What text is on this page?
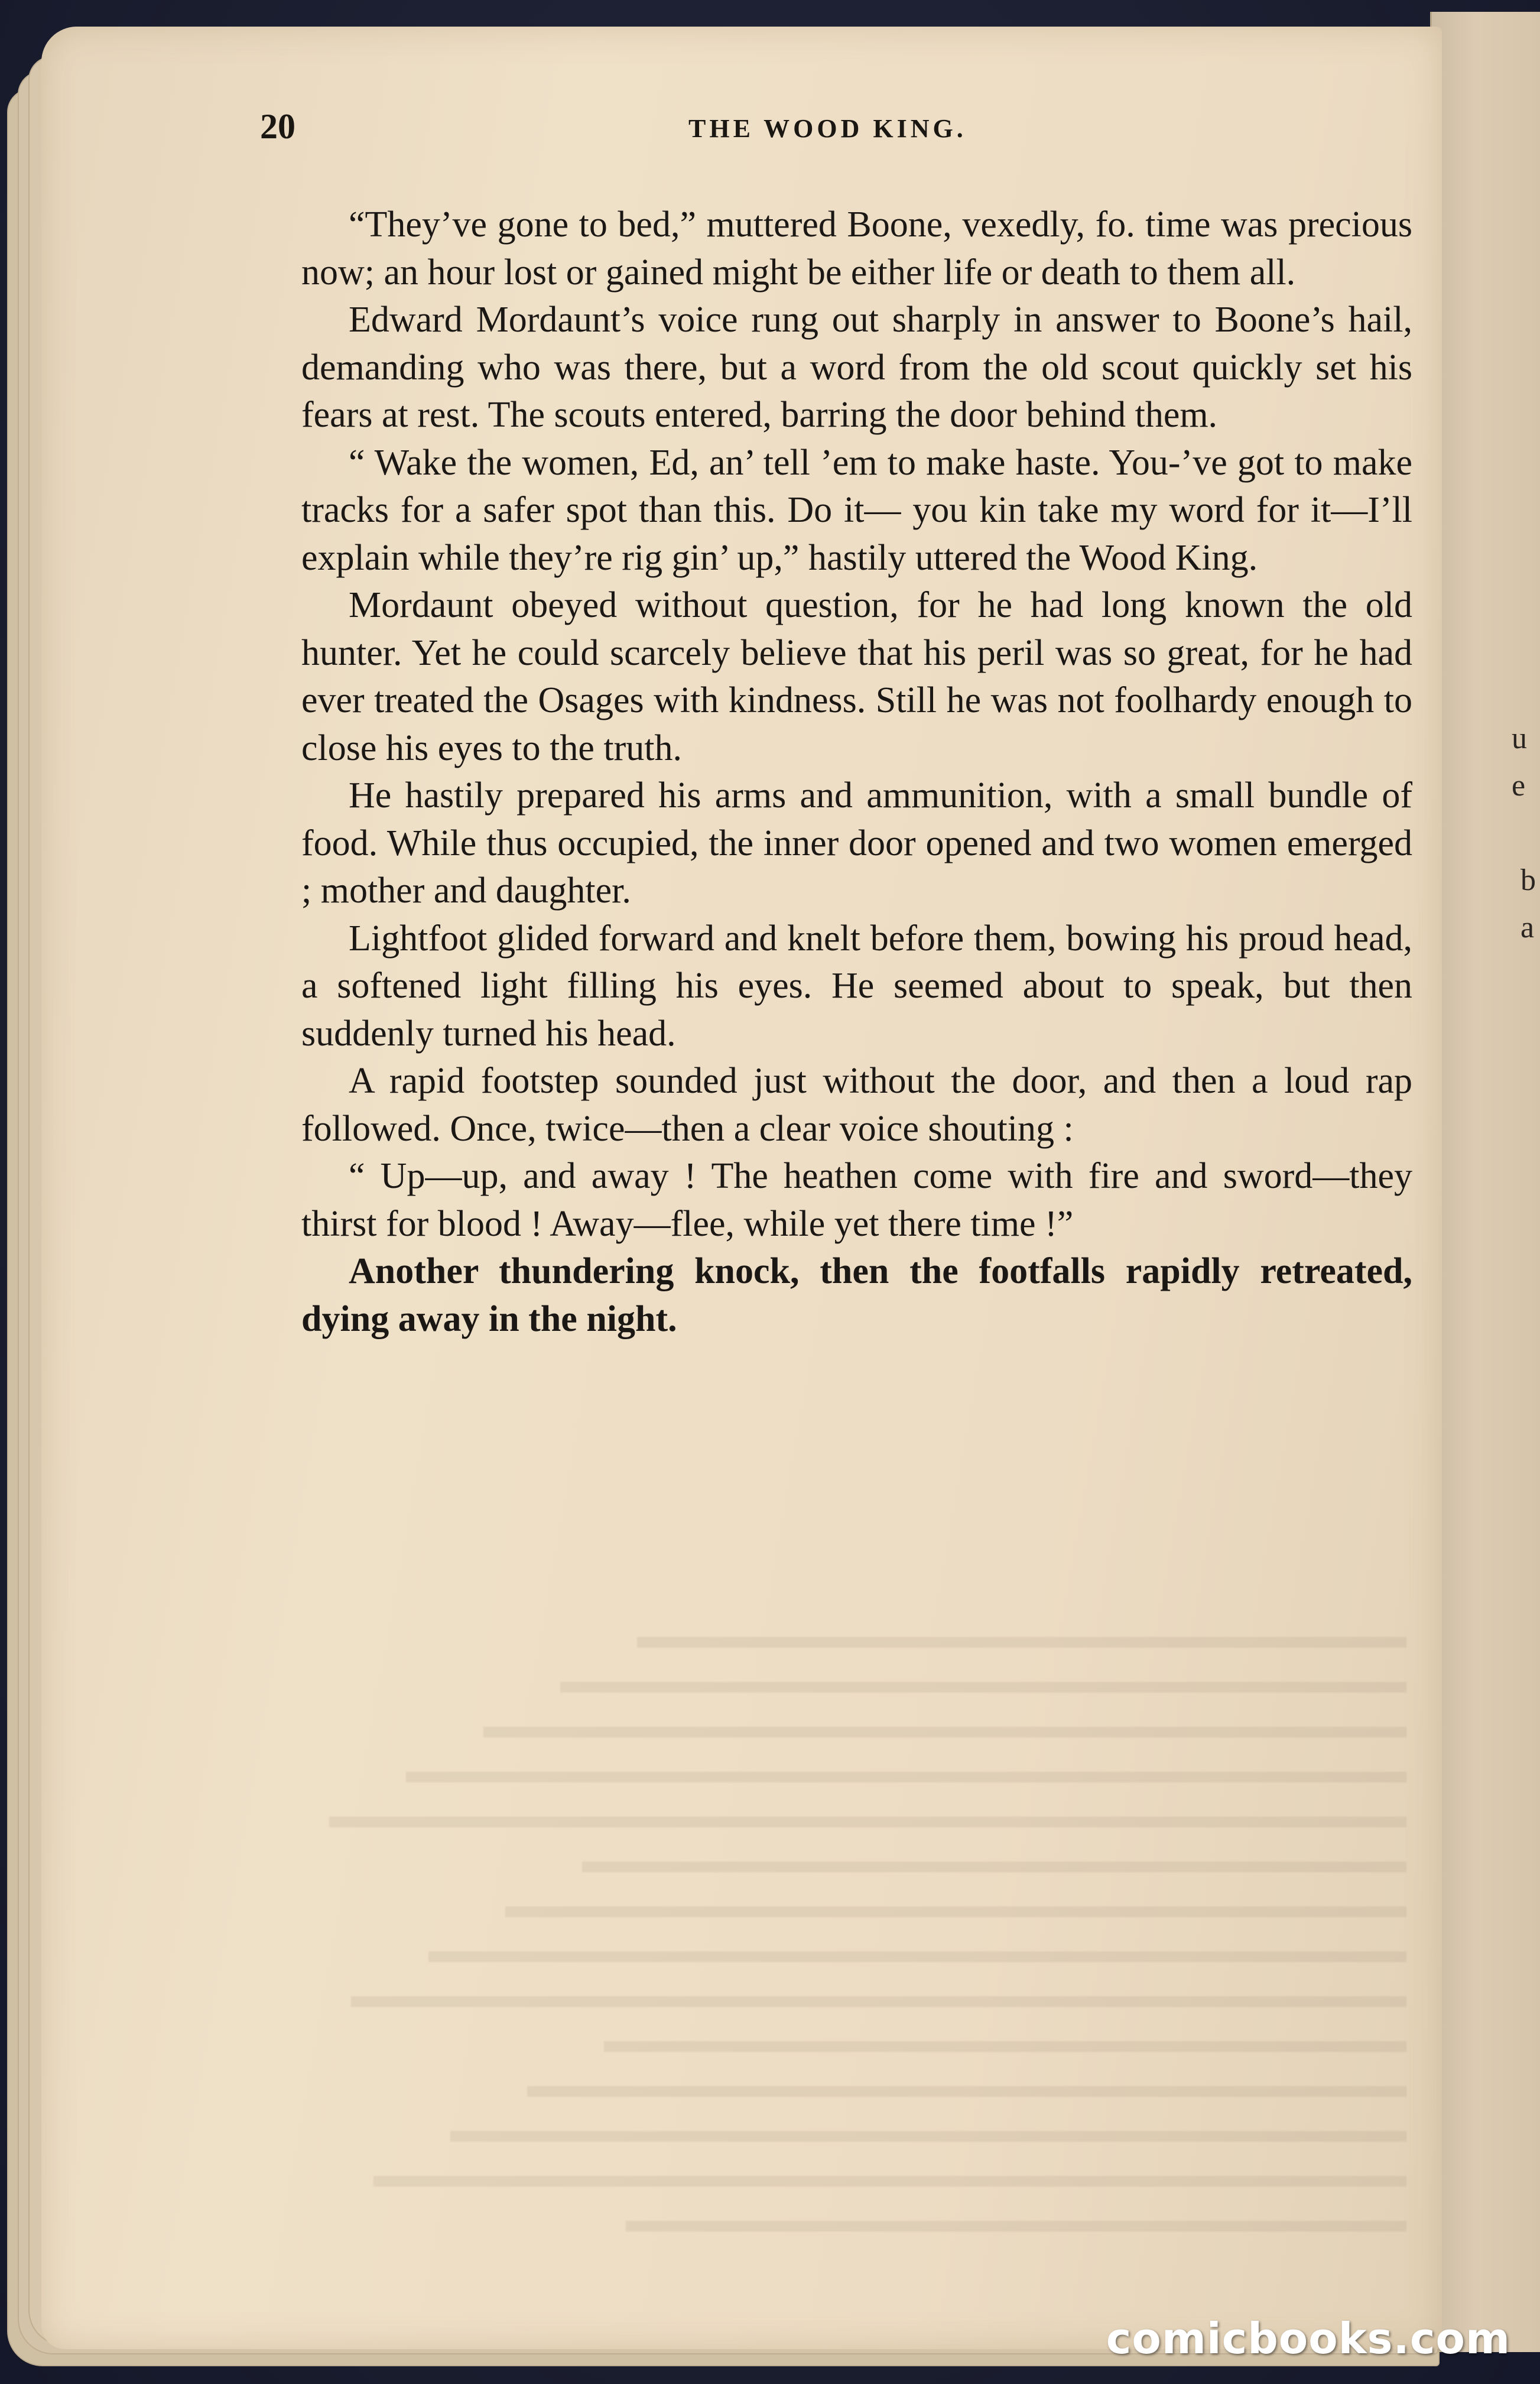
u
e
b
a
20	THE WOOD KING.

“They’ve gone to bed,” muttered Boone, vexedly, fo. time was precious now; an hour lost or gained might be either life or death to them all.

Edward Mordaunt’s voice rung out sharply in answer to Boone’s hail, demanding who was there, but a word from the old scout quickly set his fears at rest. The scouts entered, barring the door behind them.

“ Wake the women, Ed, an’ tell ’em to make haste. You-’ve got to make tracks for a safer spot than this. Do it— you kin take my word for it—I’ll explain while they’re rig gin’ up,” hastily uttered the Wood King.

Mordaunt obeyed without question, for he had long known the old hunter. Yet he could scarcely believe that his peril was so great, for he had ever treated the Osages with kindness. Still he was not foolhardy enough to close his eyes to the truth.

He hastily prepared his arms and ammunition, with a small bundle of food. While thus occupied, the inner door opened and two women emerged ; mother and daughter.

Lightfoot glided forward and knelt before them, bowing his proud head, a softened light filling his eyes. He seemed about to speak, but then suddenly turned his head.

A rapid footstep sounded just without the door, and then a loud rap followed. Once, twice—then a clear voice shouting :

“ Up—up, and away ! The heathen come with fire and sword—they thirst for blood ! Away—flee, while yet there time !”

Another thundering knock, then the footfalls rapidly retreated, dying away in the night.

comicbooks.com
